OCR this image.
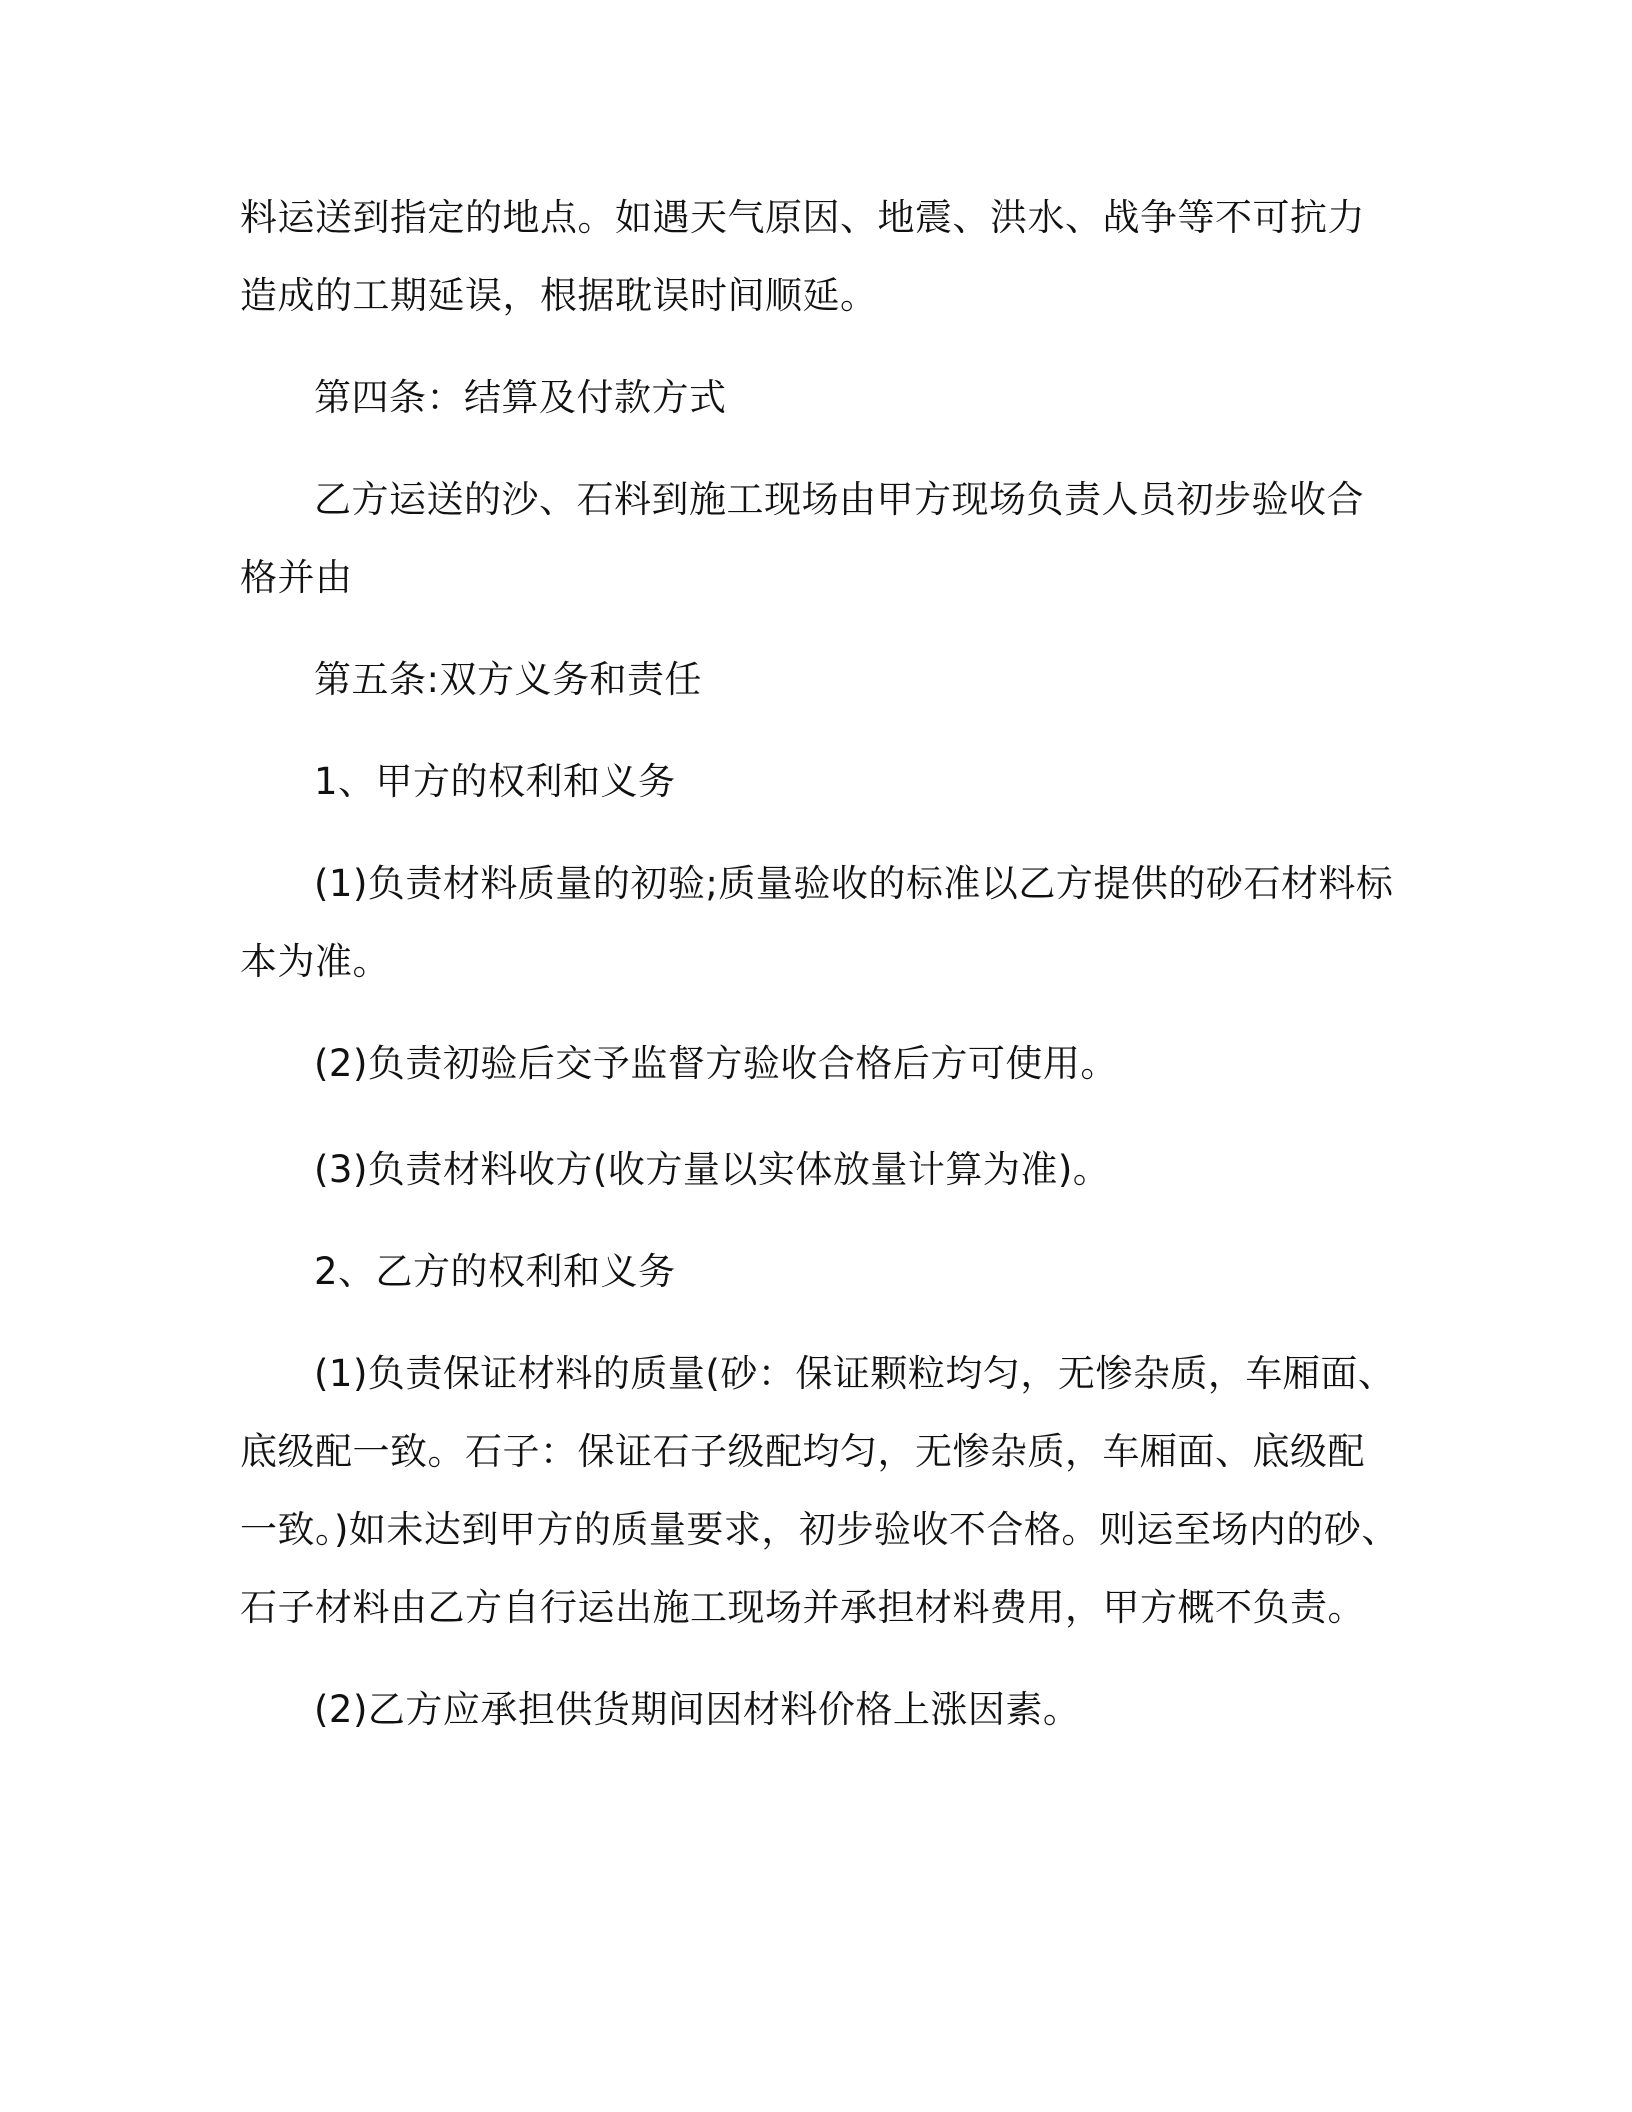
料运送到指定的地点。如遇天气原因、地震、洪水、战争等不可抗力
造成的工期延误，根据耽误时间顺延。
第四条：结算及付款方式
乙方运送的沙、石料到施工现场由甲方现场负责人员初步验收合
格并由
第五条:双方义务和责任
1、甲方的权利和义务
(1)负责材料质量的初验;质量验收的标准以乙方提供的砂石材料标
本为准。
(2)负责初验后交予监督方验收合格后方可使用。
(3)负责材料收方(收方量以实体放量计算为准)。
2、乙方的权利和义务
(1)负责保证材料的质量(砂：保证颗粒均匀，无惨杂质，车厢面、
底级配一致。石子：保证石子级配均匀，无惨杂质，车厢面、底级配
一致。)如未达到甲方的质量要求，初步验收不合格。则运至场内的砂、
石子材料由乙方自行运出施工现场并承担材料费用，甲方概不负责。
(2)乙方应承担供货期间因材料价格上涨因素。
